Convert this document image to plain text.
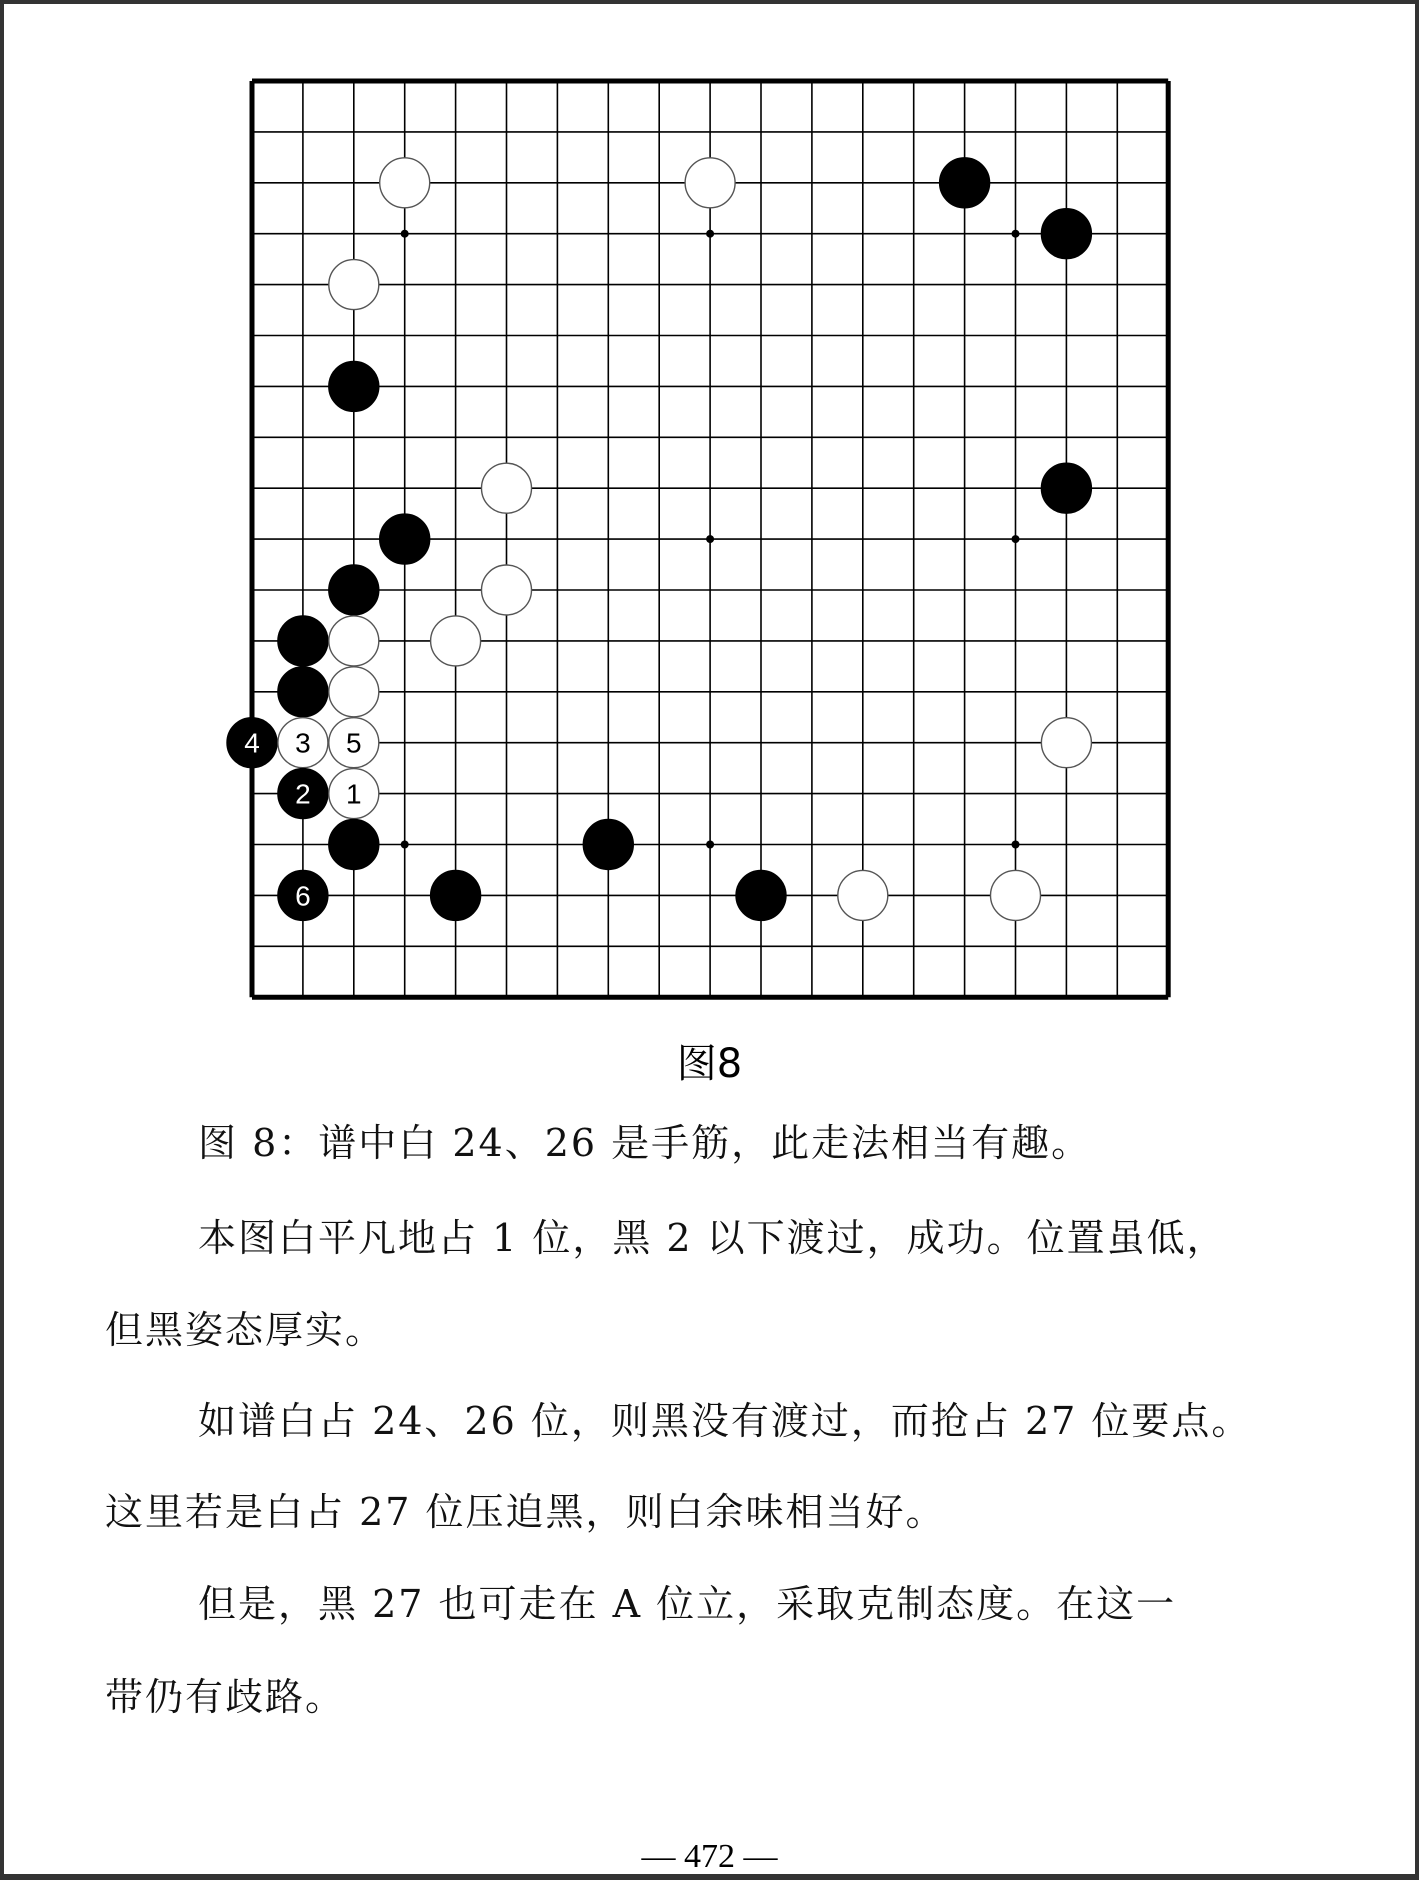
4 3 5
2 1
6
图8
图 8：谱中白 24、26 是手筋，此走法相当有趣。
本图白平凡地占 1 位，黑 2 以下渡过，成功。位置虽低，
但黑姿态厚实。
如谱白占 24、26 位，则黑没有渡过，而抢占 27 位要点。
这里若是白占 27 位压迫黑，则白余味相当好。
但是，黑 27 也可走在 A 位立，采取克制态度。在这一
带仍有歧路。
— 472 —
